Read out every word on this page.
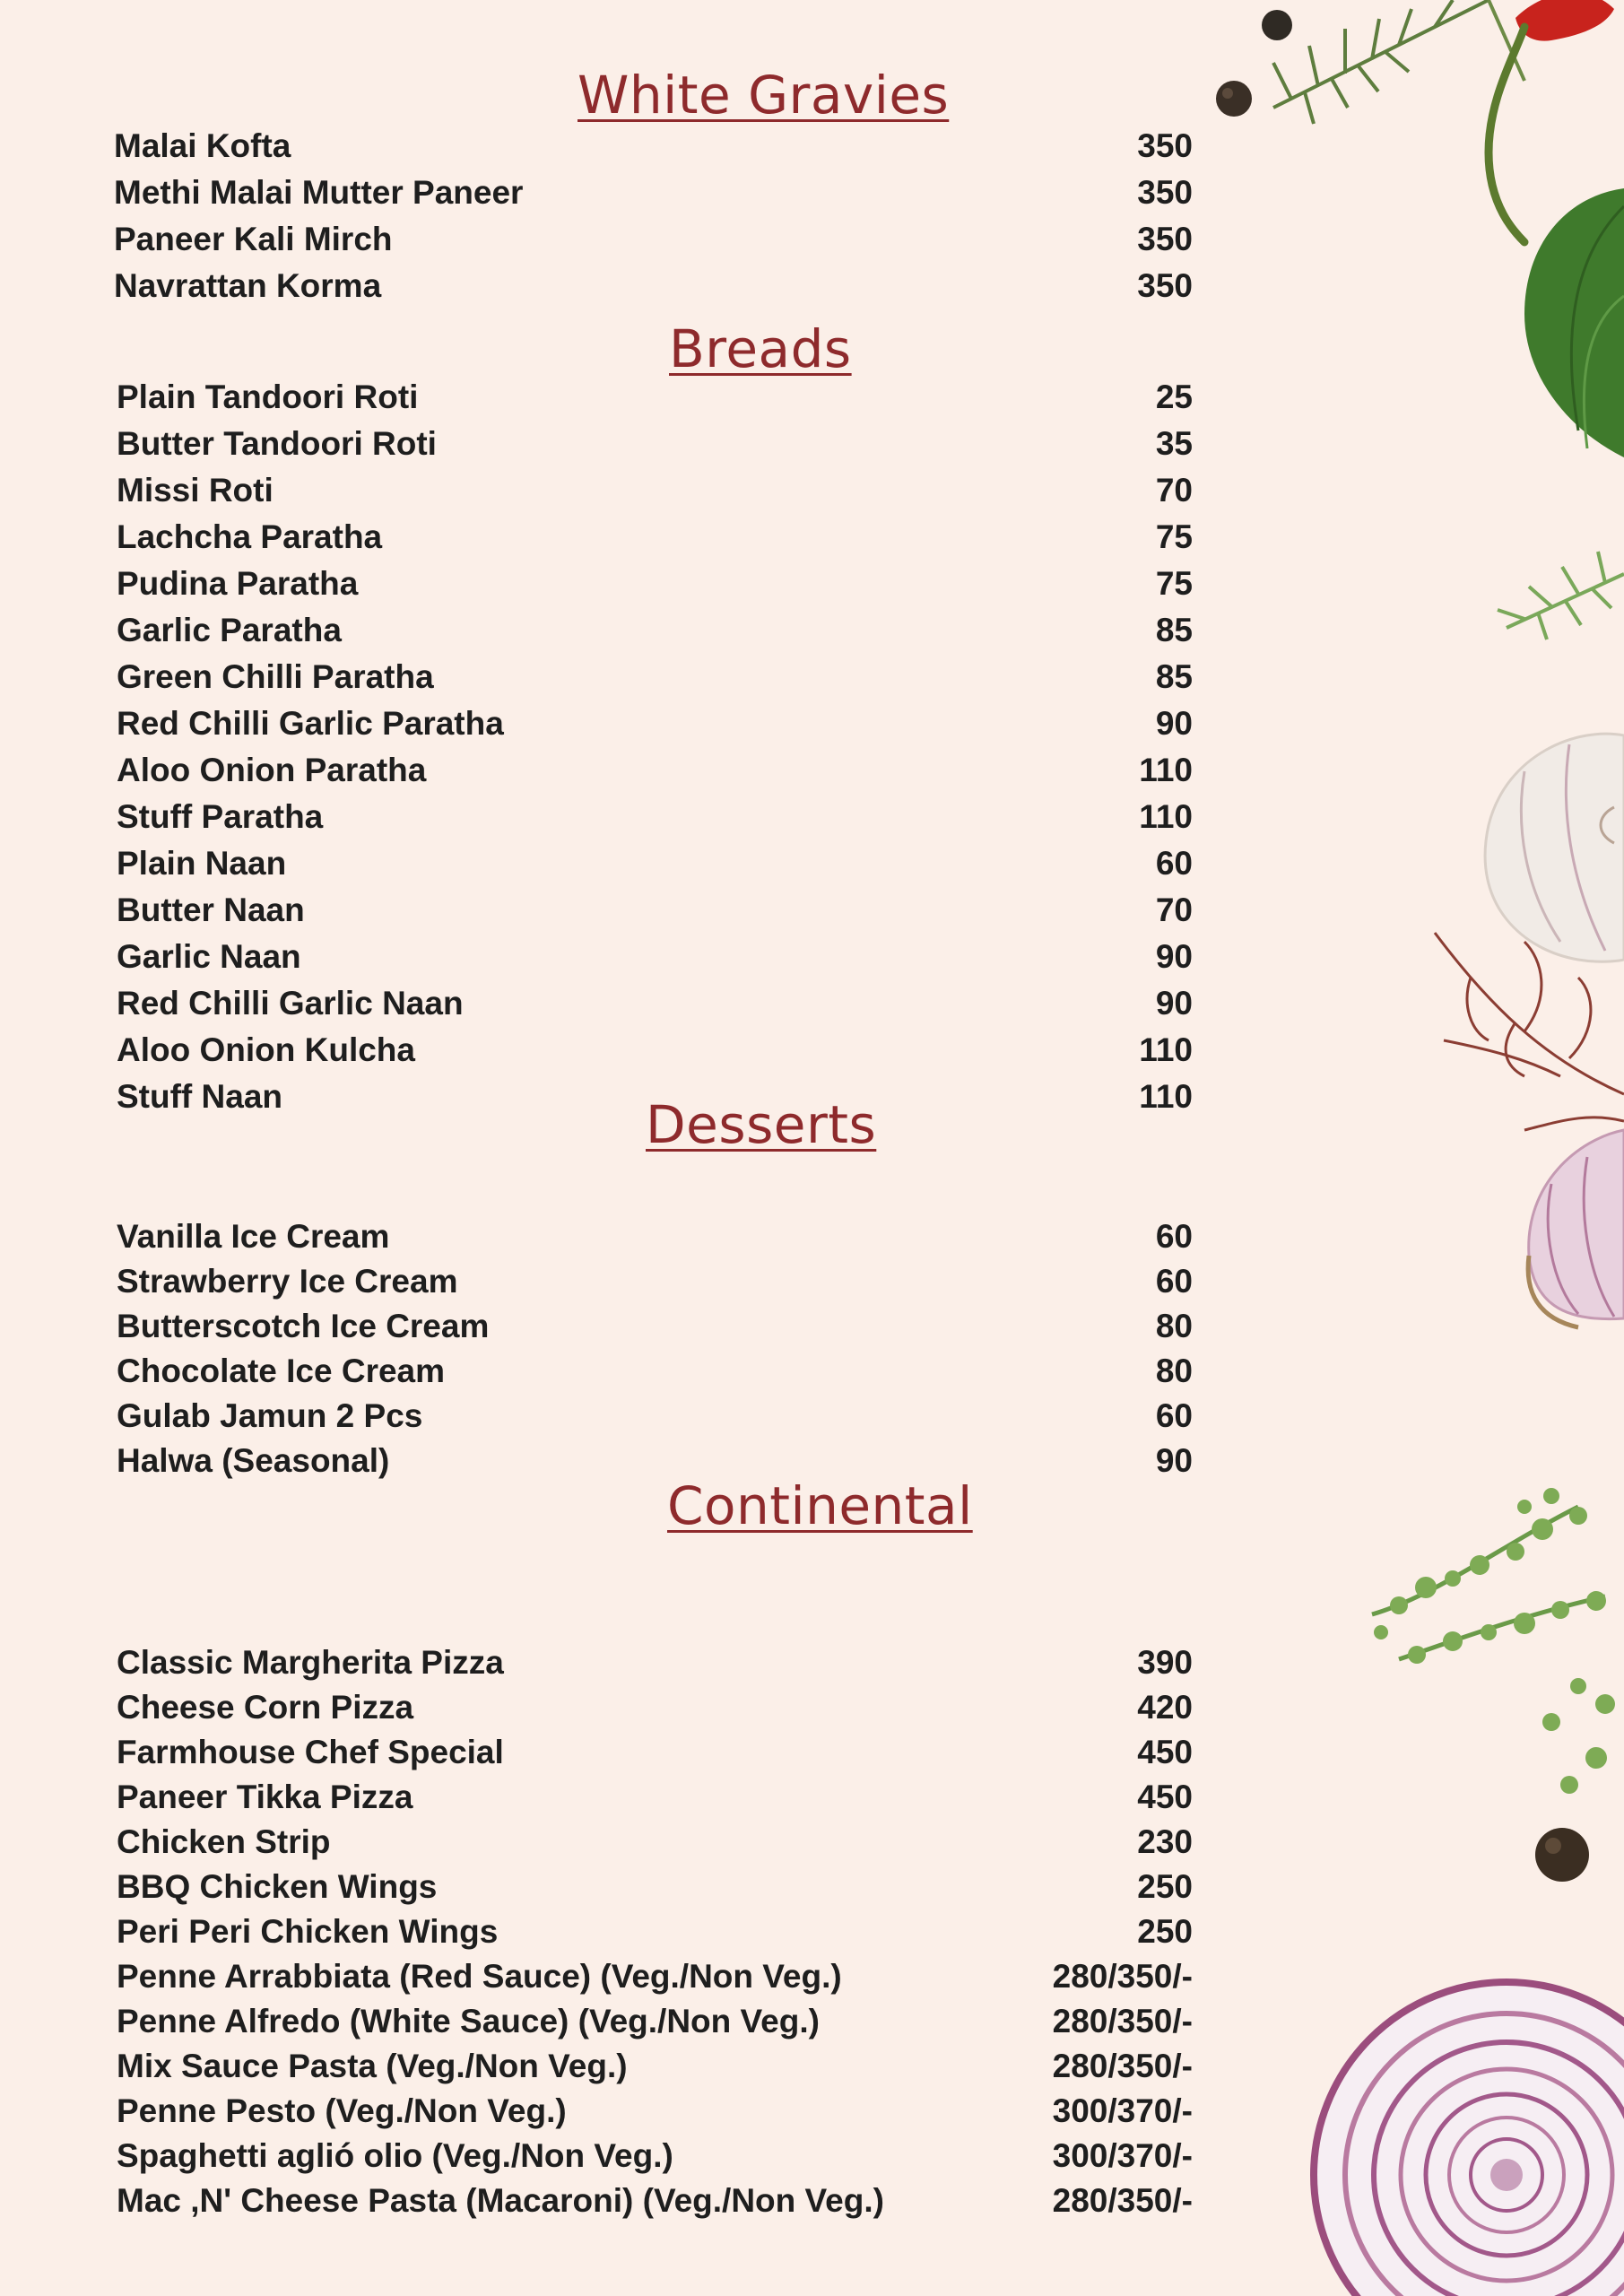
White Gravies
Malai Kofta	350
Methi Malai Mutter Paneer	350
Paneer Kali Mirch	350
Navrattan Korma	350
Breads
Plain Tandoori Roti	25
Butter Tandoori Roti	35
Missi Roti	70
Lachcha Paratha	75
Pudina Paratha	75
Garlic Paratha	85
Green Chilli Paratha	85
Red Chilli Garlic Paratha	90
Aloo Onion Paratha	110
Stuff Paratha	110
Plain Naan	60
Butter Naan	70
Garlic Naan	90
Red Chilli Garlic Naan	90
Aloo Onion Kulcha	110
Stuff Naan	110
Desserts
Vanilla Ice Cream	60
Strawberry Ice Cream	60
Butterscotch Ice Cream	80
Chocolate Ice Cream	80
Gulab Jamun 2 Pcs	60
Halwa (Seasonal)	90
Continental
Classic Margherita Pizza	390
Cheese Corn Pizza	420
Farmhouse Chef Special	450
Paneer Tikka Pizza	450
Chicken Strip	230
BBQ Chicken Wings	250
Peri Peri Chicken Wings	250
Penne Arrabbiata (Red Sauce) (Veg./Non Veg.)	280/350/-
Penne Alfredo (White Sauce) (Veg./Non Veg.)	280/350/-
Mix Sauce Pasta (Veg./Non Veg.)	280/350/-
Penne Pesto (Veg./Non Veg.)	300/370/-
Spaghetti aglió olio (Veg./Non Veg.)	300/370/-
Mac ,N' Cheese Pasta (Macaroni) (Veg./Non Veg.)	280/350/-
